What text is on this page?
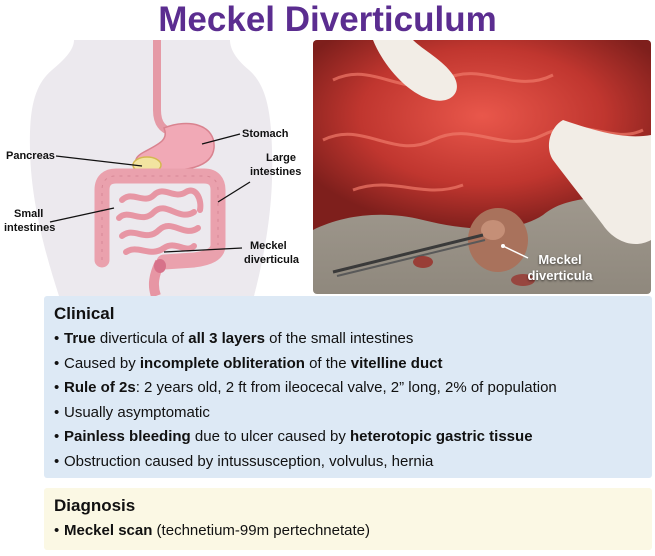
Meckel Diverticulum
Stomach
Pancreas	Large
intestines
Small
intestines
Meckel
diverticula	Meckel
diverticula
Clinical
• True diverticula of all 3 layers of the small intestines
• Caused by incomplete obliteration of the vitelline duct
• Rule of 2s: 2 years old, 2 ft from ileocecal valve, 2” long, 2% of population
• Usually asymptomatic
• Painless bleeding due to ulcer caused by heterotopic gastric tissue
• Obstruction caused by intussusception, volvulus, hernia
Diagnosis
• Meckel scan (technetium-99m pertechnetate)
